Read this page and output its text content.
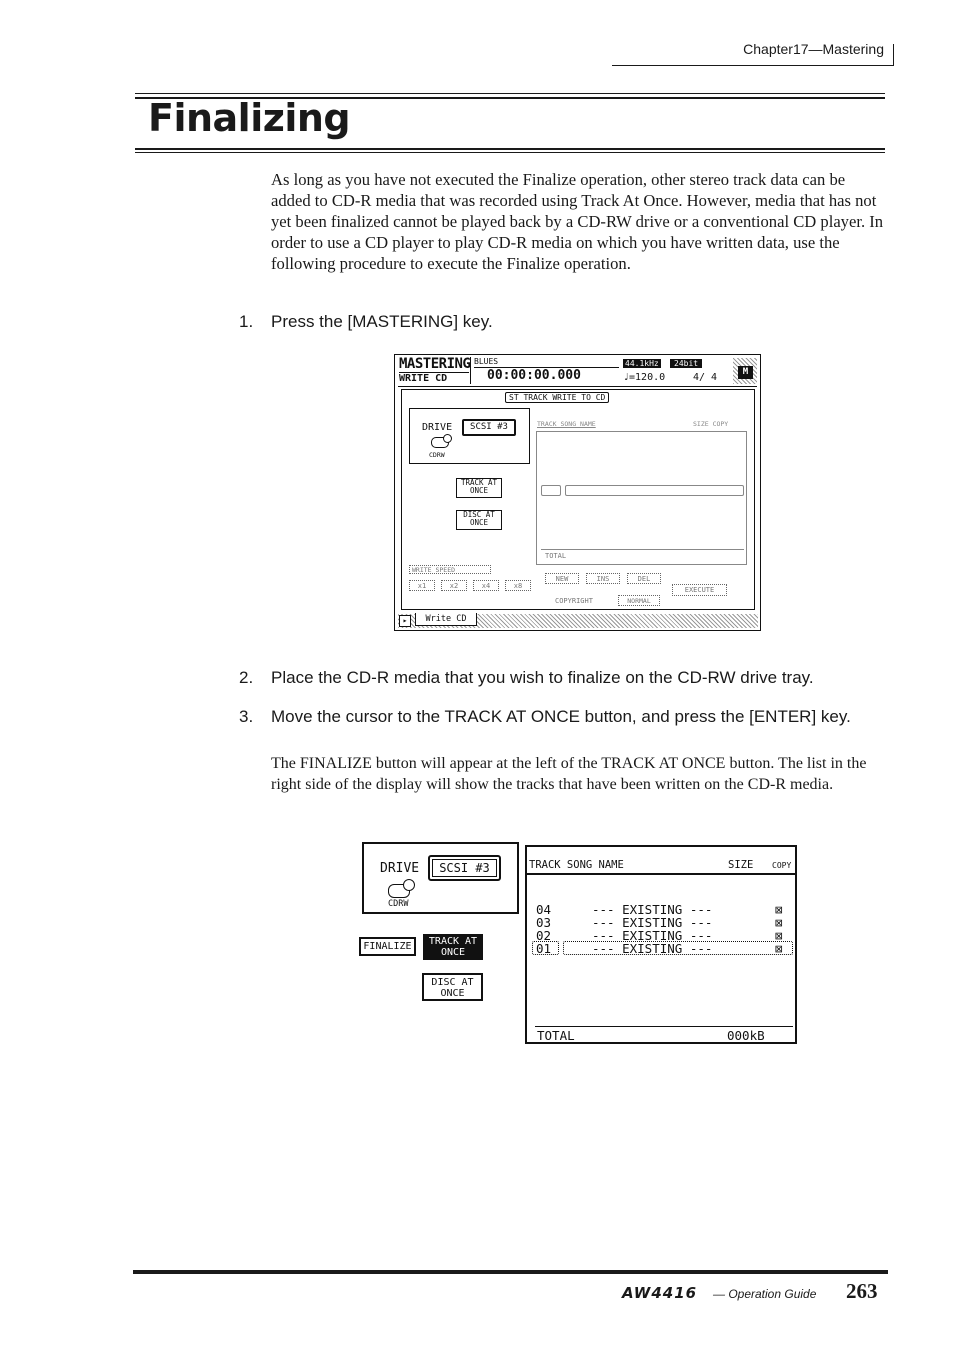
Chapter17—Mastering
Finalizing
As long as you have not executed the Finalize operation, other stereo track data can be added to CD-R media that was recorded using Track At Once. However, media that has not yet been finalized cannot be played back by a CD-RW drive or a conventional CD player. In order to use a CD player to play CD-R media on which you have written data, use the following procedure to execute the Finalize operation.
1. Press the [MASTERING] key.
MASTERING
WRITE CD
BLUES
00:00:00.000
44.1kHz	24bit
♩=120.0	4/ 4	M
ST TRACK WRITE TO CD
DRIVE	SCSI #3
CDRW
TRACK AT
ONCE
DISC AT
ONCE
TRACK SONG NAME	SIZE COPY
TOTAL
WRITE SPEED
x1	x2	x4	x8
NEW	INS	DEL
EXECUTE
COPYRIGHT	NORMAL
▸	Write CD
2. Place the CD-R media that you wish to finalize on the CD-RW drive tray.
3. Move the cursor to the TRACK AT ONCE button, and press the [ENTER] key.
The FINALIZE button will appear at the left of the TRACK AT ONCE button. The list in the right side of the display will show the tracks that have been written on the CD-R media.
DRIVE	SCSI #3
CDRW
FINALIZE	TRACK AT
ONCE
DISC AT
ONCE
TRACK SONG NAME	SIZE COPY
04	--- EXISTING ---	⊠
03	--- EXISTING ---	⊠
02	--- EXISTING ---	⊠
01	--- EXISTING ---	⊠
TOTAL	000kB
AW4416 — Operation Guide 263
